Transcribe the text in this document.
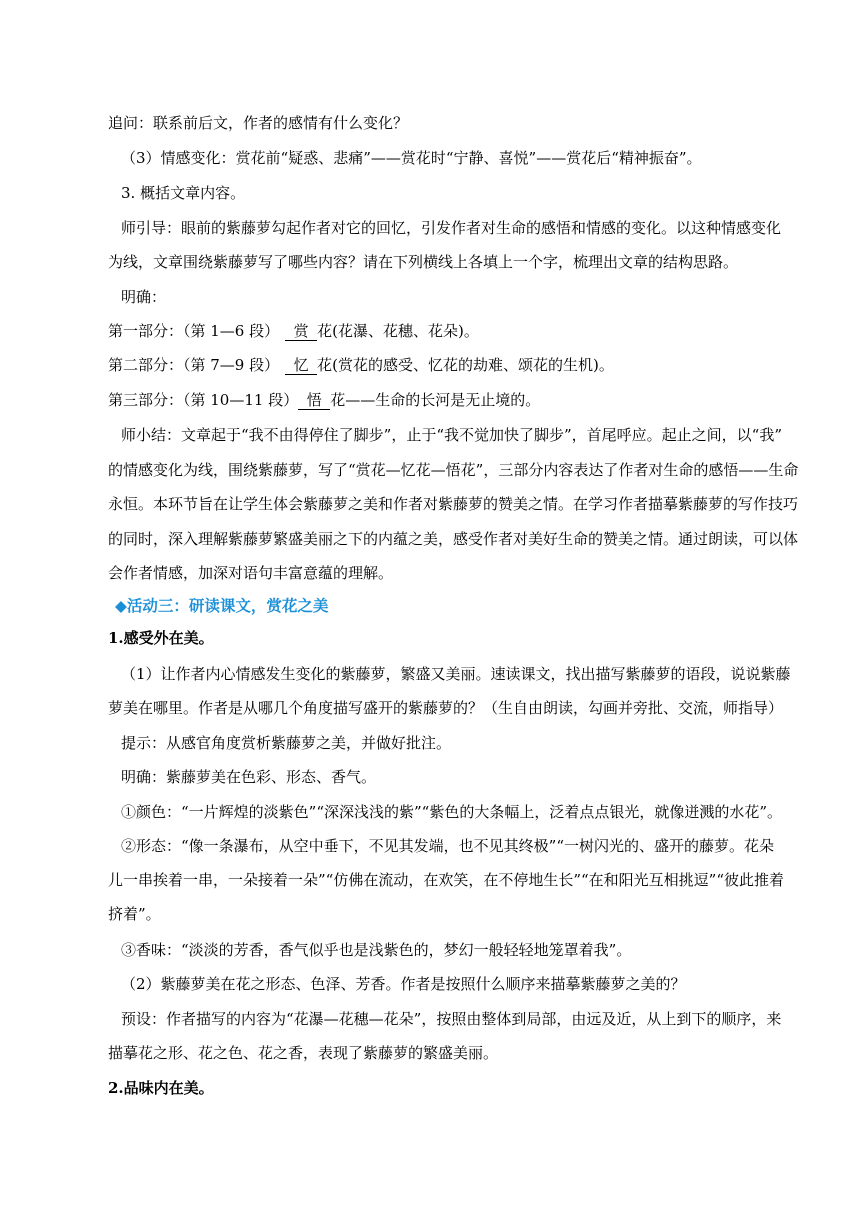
追问：联系前后文，作者的感情有什么变化？
（3）情感变化：赏花前“疑惑、悲痛”——赏花时“宁静、喜悦”——赏花后“精神振奋”。
3. 概括文章内容。
师引导：眼前的紫藤萝勾起作者对它的回忆，引发作者对生命的感悟和情感的变化。以这种情感变化
为线，文章围绕紫藤萝写了哪些内容？请在下列横线上各填上一个字，梳理出文章的结构思路。
明确：
第一部分：（第 1—6 段） 赏 花(花瀑、花穗、花朵)。
第二部分：（第 7—9 段） 忆 花(赏花的感受、忆花的劫难、颂花的生机)。
第三部分：（第 10—11 段） 悟 花——生命的长河是无止境的。
师小结：文章起于“我不由得停住了脚步”，止于“我不觉加快了脚步”，首尾呼应。起止之间，以“我”
的情感变化为线，围绕紫藤萝，写了“赏花—忆花—悟花”，三部分内容表达了作者对生命的感悟——生命
永恒。本环节旨在让学生体会紫藤萝之美和作者对紫藤萝的赞美之情。在学习作者描摹紫藤萝的写作技巧
的同时，深入理解紫藤萝繁盛美丽之下的内蕴之美，感受作者对美好生命的赞美之情。通过朗读，可以体
会作者情感，加深对语句丰富意蕴的理解。
◆活动三：研读课文，赏花之美
1.感受外在美。
（1）让作者内心情感发生变化的紫藤萝，繁盛又美丽。速读课文，找出描写紫藤萝的语段，说说紫藤
萝美在哪里。作者是从哪几个角度描写盛开的紫藤萝的？（生自由朗读，勾画并旁批、交流，师指导）
提示：从感官角度赏析紫藤萝之美，并做好批注。
明确：紫藤萝美在色彩、形态、香气。
①颜色：“一片辉煌的淡紫色”“深深浅浅的紫”“紫色的大条幅上，泛着点点银光，就像迸溅的水花”。
②形态：“像一条瀑布，从空中垂下，不见其发端，也不见其终极”“一树闪光的、盛开的藤萝。花朵
儿一串挨着一串，一朵接着一朵”“仿佛在流动，在欢笑，在不停地生长”“在和阳光互相挑逗”“彼此推着
挤着”。
③香味：“淡淡的芳香，香气似乎也是浅紫色的，梦幻一般轻轻地笼罩着我”。
（2）紫藤萝美在花之形态、色泽、芳香。作者是按照什么顺序来描摹紫藤萝之美的？
预设：作者描写的内容为“花瀑—花穗—花朵”，按照由整体到局部，由远及近，从上到下的顺序，来
描摹花之形、花之色、花之香，表现了紫藤萝的繁盛美丽。
2.品味内在美。
